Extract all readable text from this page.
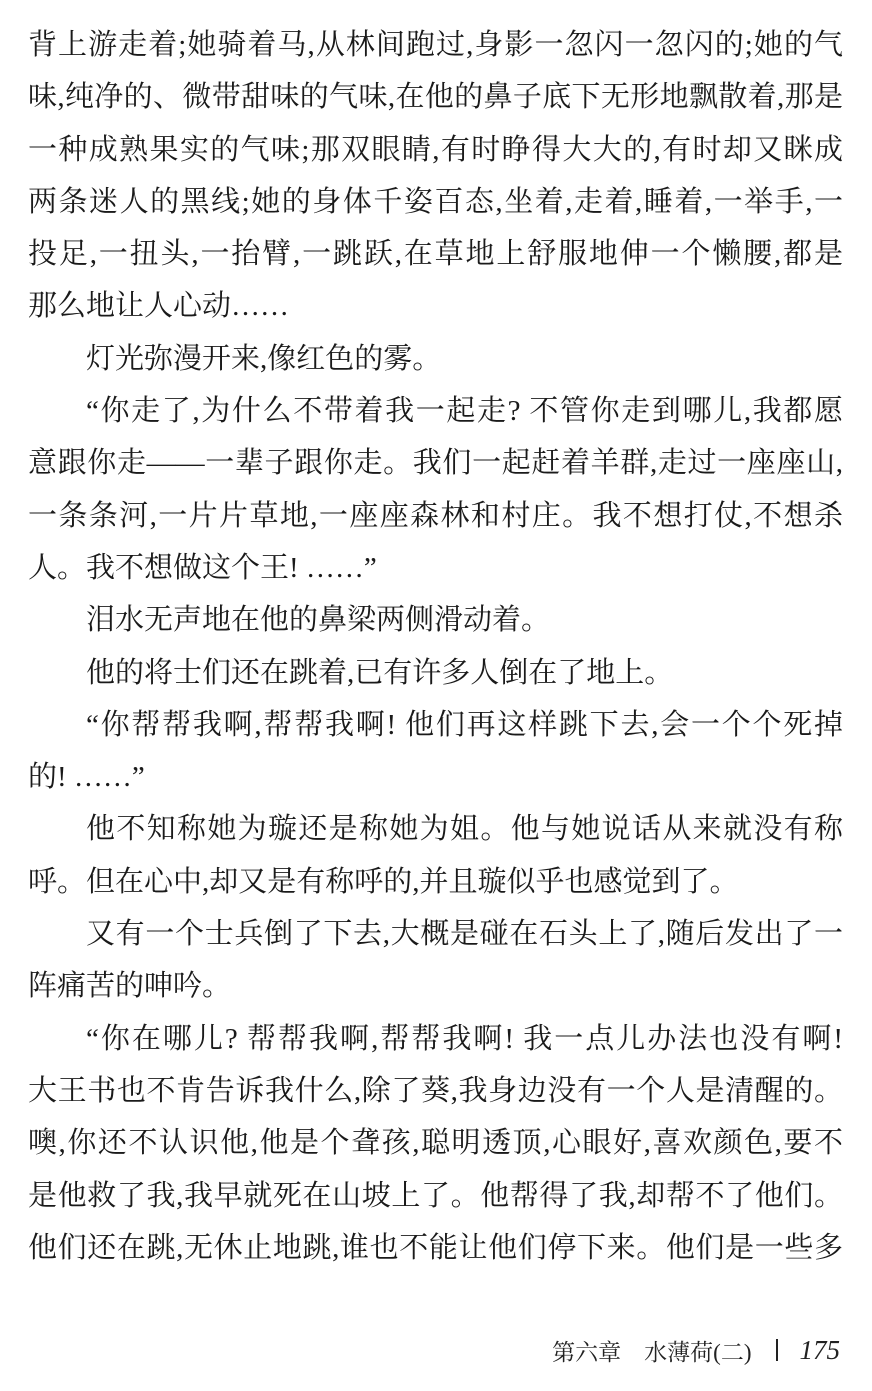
背上游走着;她骑着马,从林间跑过,身影一忽闪一忽闪的;她的气
味,纯净的、微带甜味的气味,在他的鼻子底下无形地飘散着,那是
一种成熟果实的气味;那双眼睛,有时睁得大大的,有时却又眯成
两条迷人的黑线;她的身体千姿百态,坐着,走着,睡着,一举手,一
投足,一扭头,一抬臂,一跳跃,在草地上舒服地伸一个懒腰,都是
那么地让人心动……
灯光弥漫开来,像红色的雾。
“你走了,为什么不带着我一起走? 不管你走到哪儿,我都愿
意跟你走——一辈子跟你走。我们一起赶着羊群,走过一座座山,
一条条河,一片片草地,一座座森林和村庄。我不想打仗,不想杀
人。我不想做这个王! ……”
泪水无声地在他的鼻梁两侧滑动着。
他的将士们还在跳着,已有许多人倒在了地上。
“你帮帮我啊,帮帮我啊! 他们再这样跳下去,会一个个死掉
的! ……”
他不知称她为璇还是称她为姐。他与她说话从来就没有称
呼。但在心中,却又是有称呼的,并且璇似乎也感觉到了。
又有一个士兵倒了下去,大概是碰在石头上了,随后发出了一
阵痛苦的呻吟。
“你在哪儿? 帮帮我啊,帮帮我啊! 我一点儿办法也没有啊!
大王书也不肯告诉我什么,除了葵,我身边没有一个人是清醒的。
噢,你还不认识他,他是个聋孩,聪明透顶,心眼好,喜欢颜色,要不
是他救了我,我早就死在山坡上了。他帮得了我,却帮不了他们。
他们还在跳,无休止地跳,谁也不能让他们停下来。他们是一些多
第六章　水薄荷(二) 175
